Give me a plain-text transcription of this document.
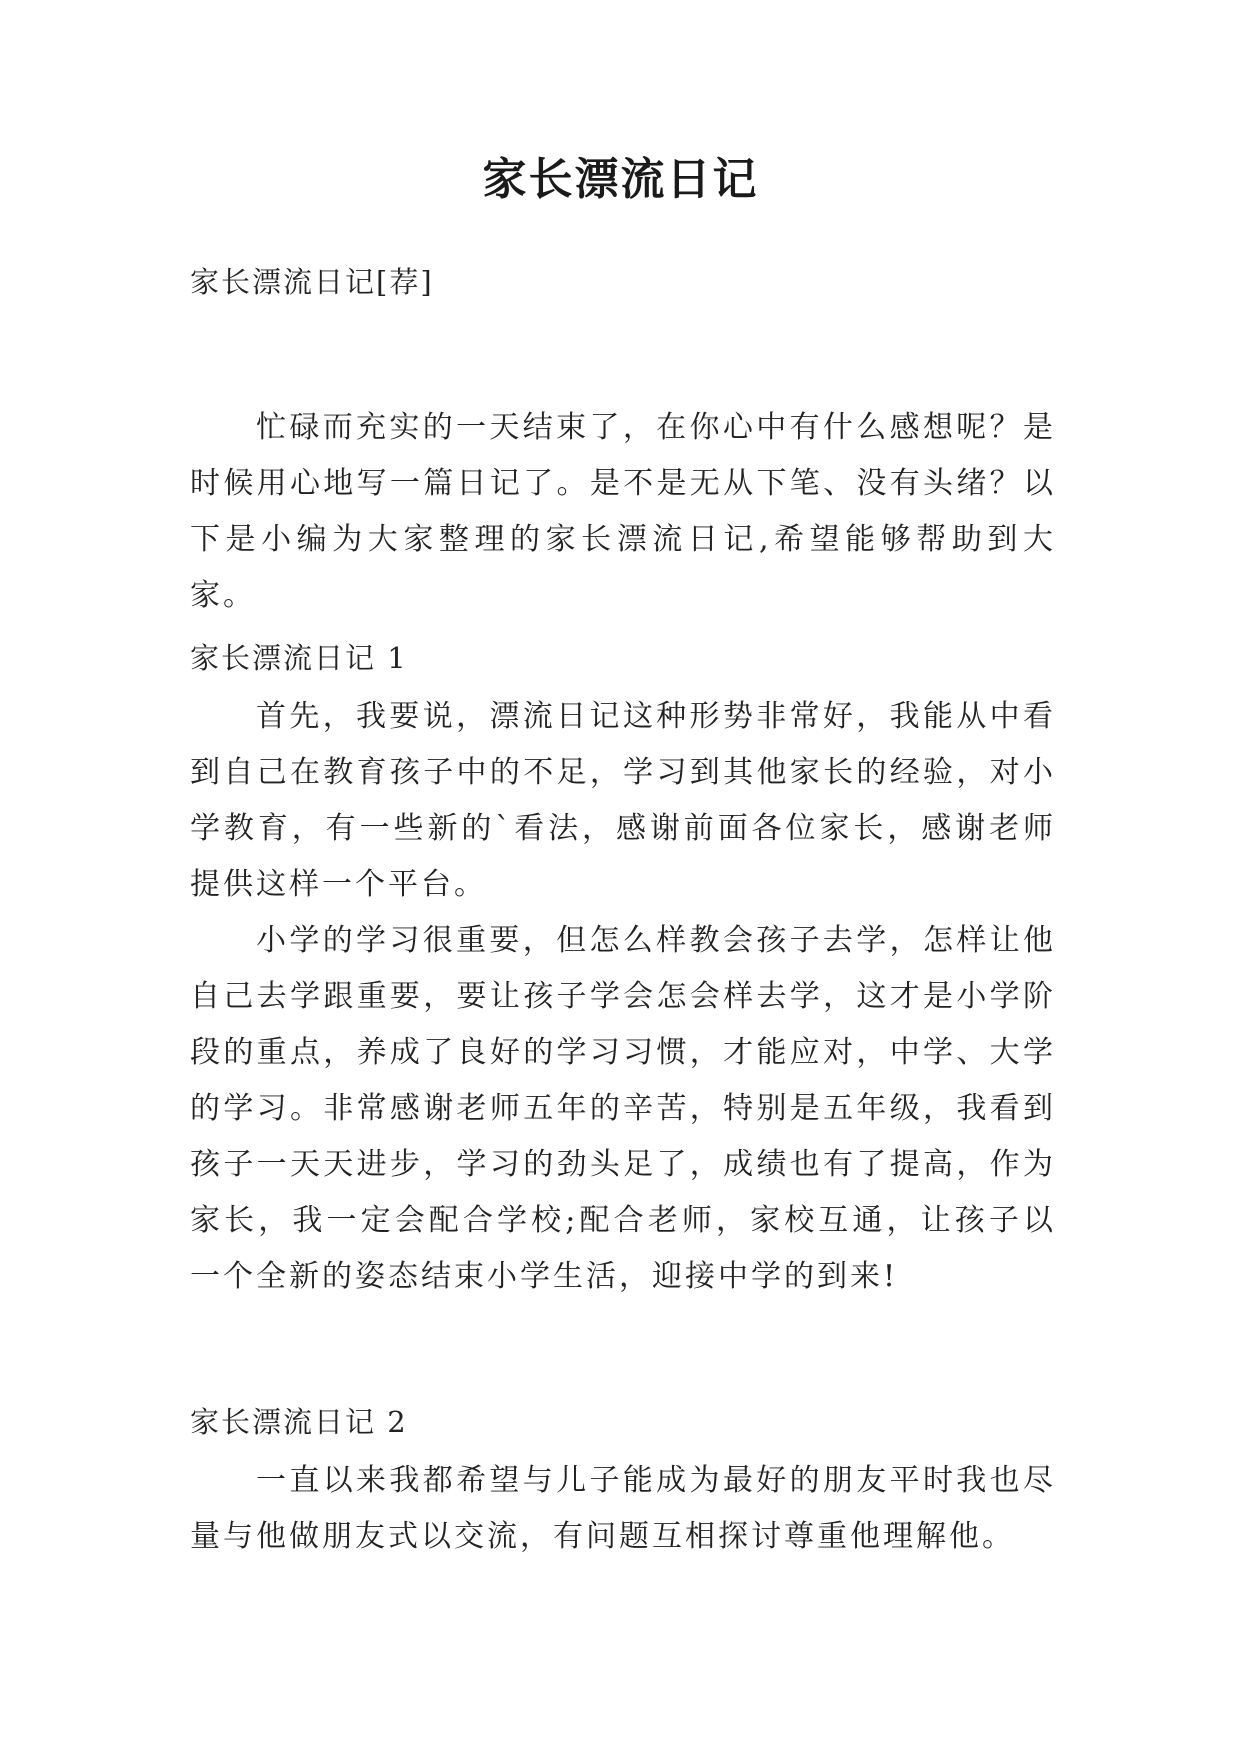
家长漂流日记
家长漂流日记[荐]

忙碌而充实的一天结束了，在你心中有什么感想呢？是时候用心地写一篇日记了。是不是无从下笔、没有头绪？以下是小编为大家整理的家长漂流日记,希望能够帮助到大家。

家长漂流日记 1

首先，我要说，漂流日记这种形势非常好，我能从中看到自己在教育孩子中的不足，学习到其他家长的经验，对小学教育，有一些新的`看法，感谢前面各位家长，感谢老师提供这样一个平台。

小学的学习很重要，但怎么样教会孩子去学，怎样让他自己去学跟重要，要让孩子学会怎会样去学，这才是小学阶段的重点，养成了良好的学习习惯，才能应对，中学、大学的学习。非常感谢老师五年的辛苦，特别是五年级，我看到孩子一天天进步，学习的劲头足了，成绩也有了提高，作为家长，我一定会配合学校;配合老师，家校互通，让孩子以一个全新的姿态结束小学生活，迎接中学的到来!

家长漂流日记 2

一直以来我都希望与儿子能成为最好的朋友平时我也尽量与他做朋友式以交流，有问题互相探讨尊重他理解他。
